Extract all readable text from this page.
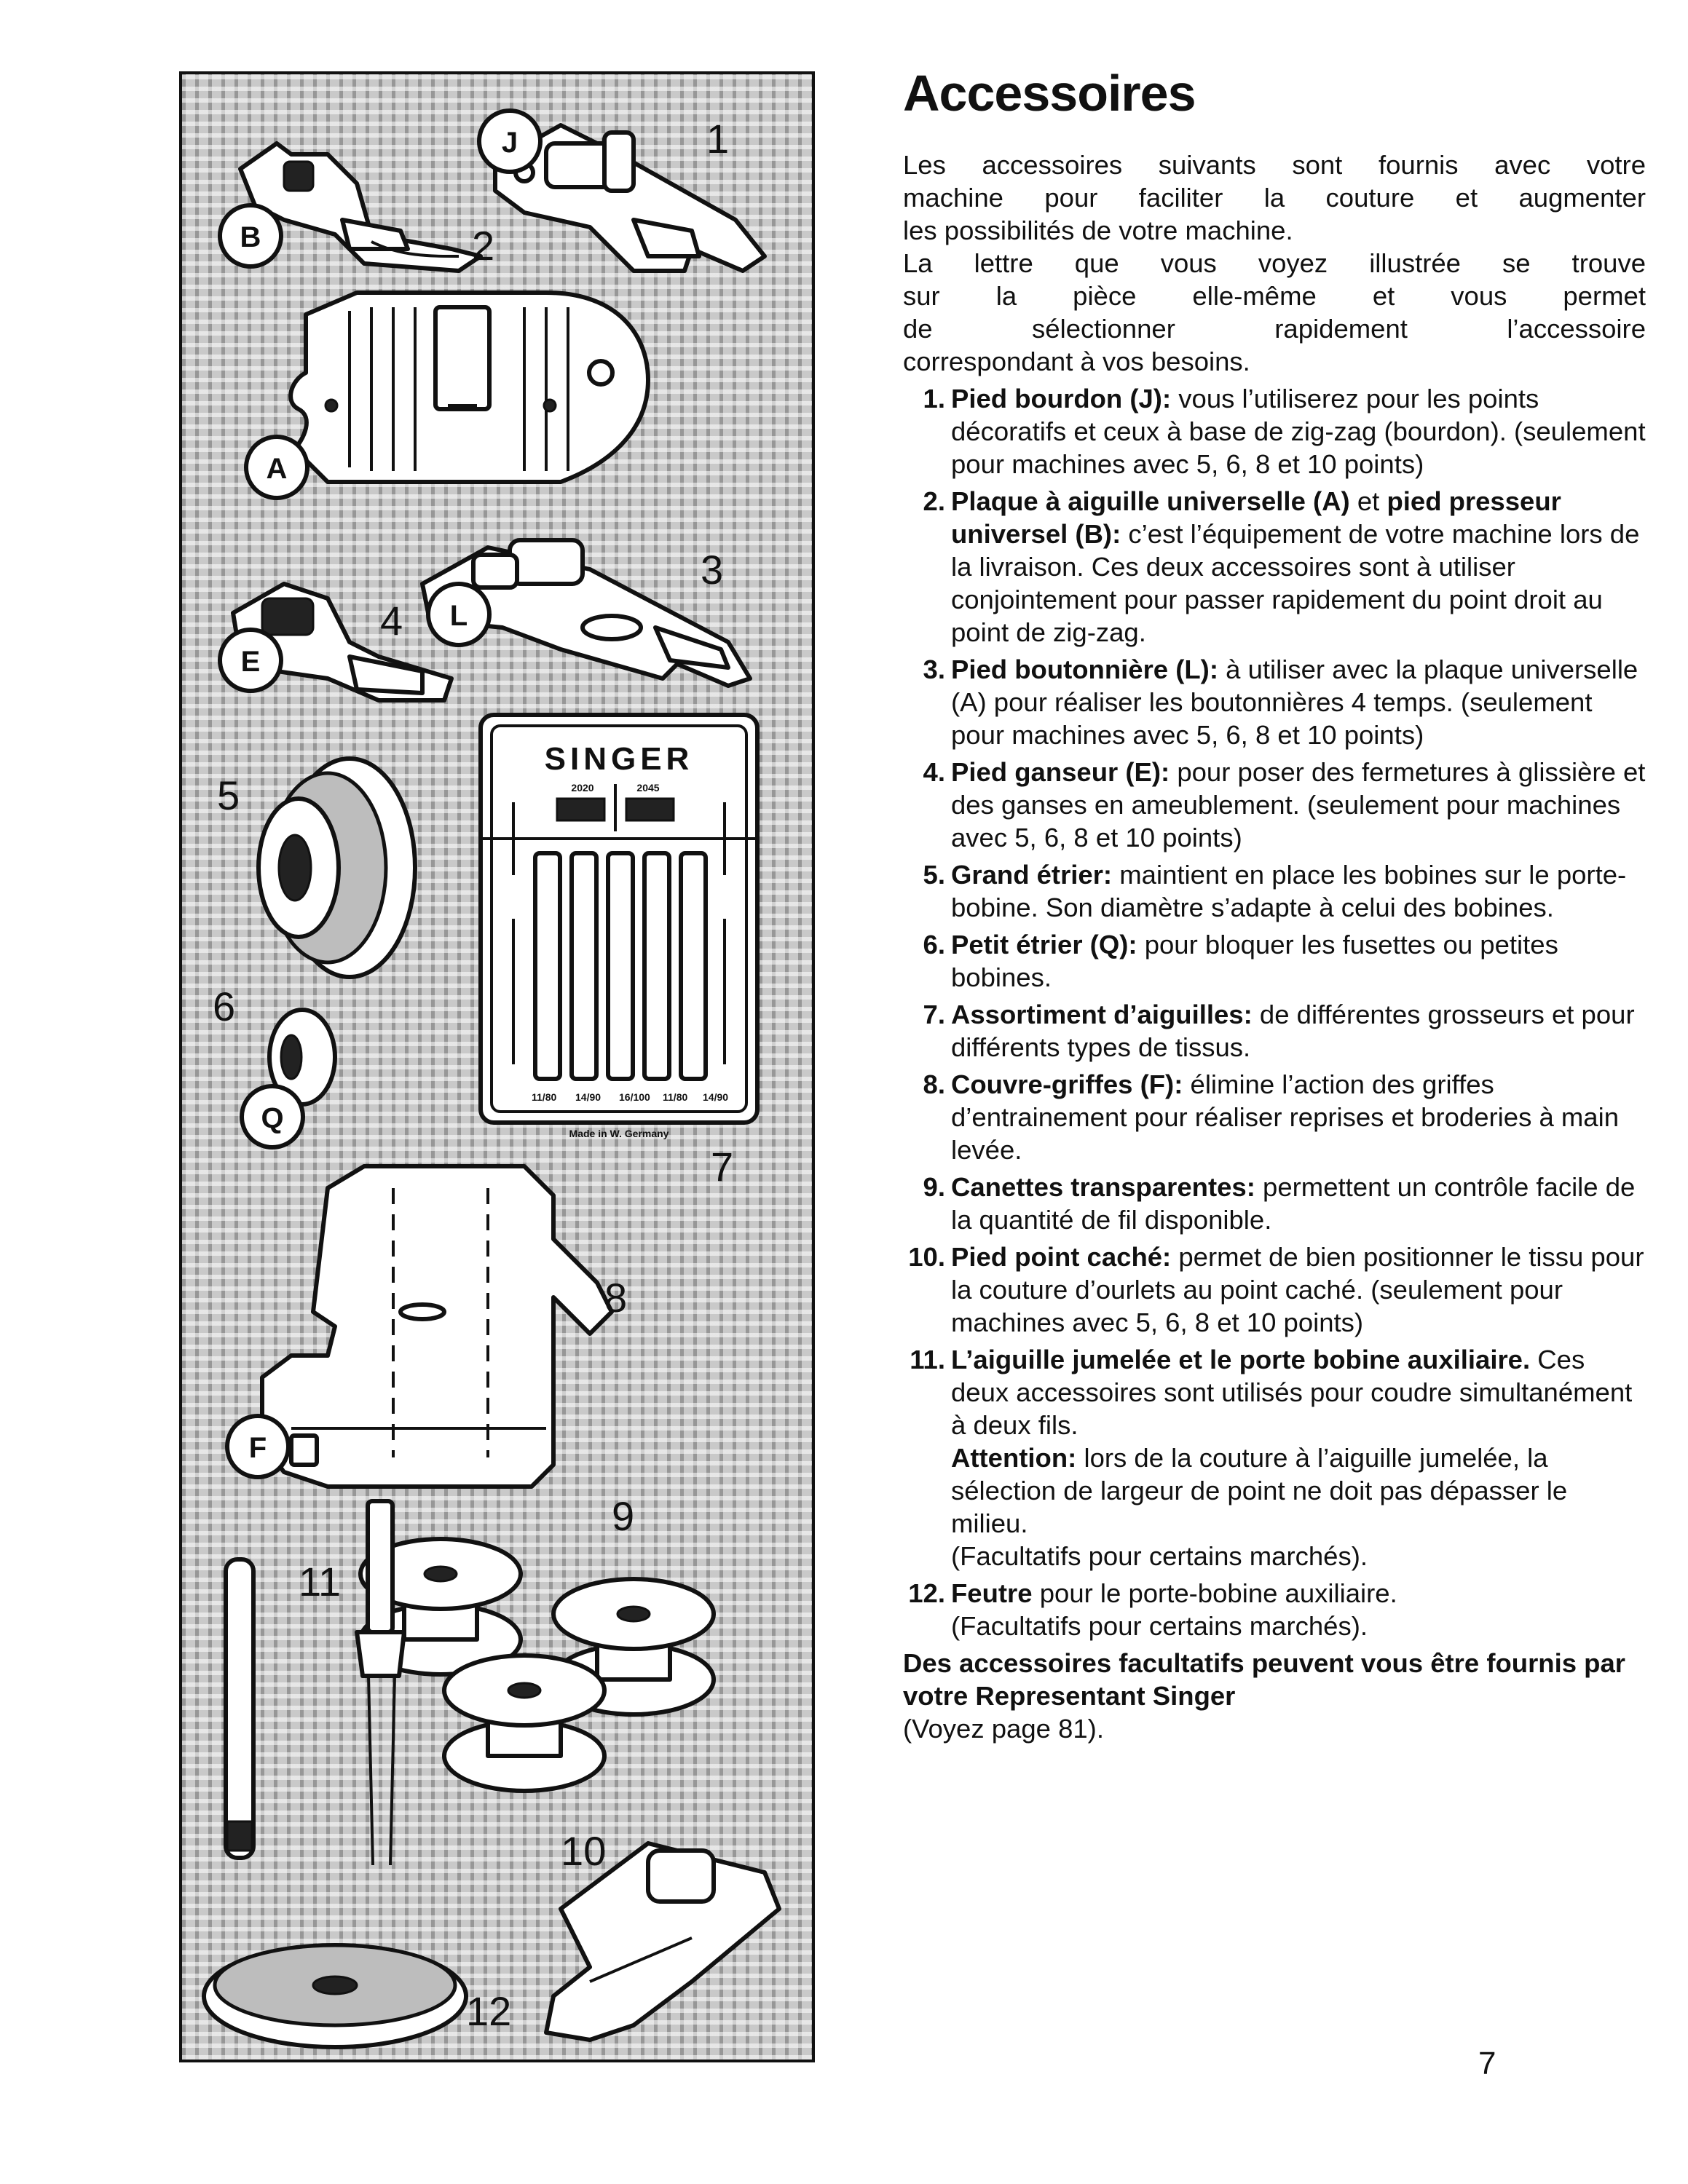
J	1
B	2
A
L
3
E
4
5
6
Q
SINGER
2020	2045
11/80 14/90 16/100 11/80 14/90
Made in W. Germany
7
F
8
9
11
10
12
Accessoires

Les accessoires suivants sont fournis avec votre

machine pour faciliter la couture et augmenter

les possibilités de votre machine.

La lettre que vous voyez illustrée se trouve

sur la pièce elle-même et vous permet

de sélectionner rapidement l’accessoire

correspondant à vos besoins.

1. Pied bourdon (J): vous l’utiliserez pour les points décoratifs et ceux à base de zig-zag (bourdon). (seulement pour machines avec 5, 6, 8 et 10 points)
2. Plaque à aiguille universelle (A) et pied presseur universel (B): c’est l’équipement de votre machine lors de la livraison. Ces deux accessoires sont à utiliser conjointement pour passer rapidement du point droit au point de zig-zag.
3. Pied boutonnière (L): à utiliser avec la plaque universelle (A) pour réaliser les boutonnières 4 temps. (seulement pour machines avec 5, 6, 8 et 10 points)
4. Pied ganseur (E): pour poser des fermetures à glissière et des ganses en ameublement. (seulement pour machines avec 5, 6, 8 et 10 points)
5. Grand étrier: maintient en place les bobines sur le porte-bobine. Son diamètre s’adapte à celui des bobines.
6. Petit étrier (Q): pour bloquer les fusettes ou petites bobines.
7. Assortiment d’aiguilles: de différentes grosseurs et pour différents types de tissus.
8. Couvre-griffes (F): élimine l’action des griffes d’entrainement pour réaliser reprises et broderies à main levée.
9. Canettes transparentes: permettent un contrôle facile de la quantité de fil disponible.
10. Pied point caché: permet de bien positionner le tissu pour la couture d’ourlets au point caché. (seulement pour machines avec 5, 6, 8 et 10 points)
11. L’aiguille jumelée et le porte bobine auxiliaire. Ces deux accessoires sont utilisés pour coudre simultanément à deux fils.
Attention: lors de la couture à l’aiguille jumelée, la sélection de largeur de point ne doit pas dépasser le milieu.
(Facultatifs pour certains marchés).
12. Feutre pour le porte-bobine auxiliaire.
(Facultatifs pour certains marchés).

Des accessoires facultatifs peuvent vous être fournis par votre Representant Singer

(Voyez page 81).

7
